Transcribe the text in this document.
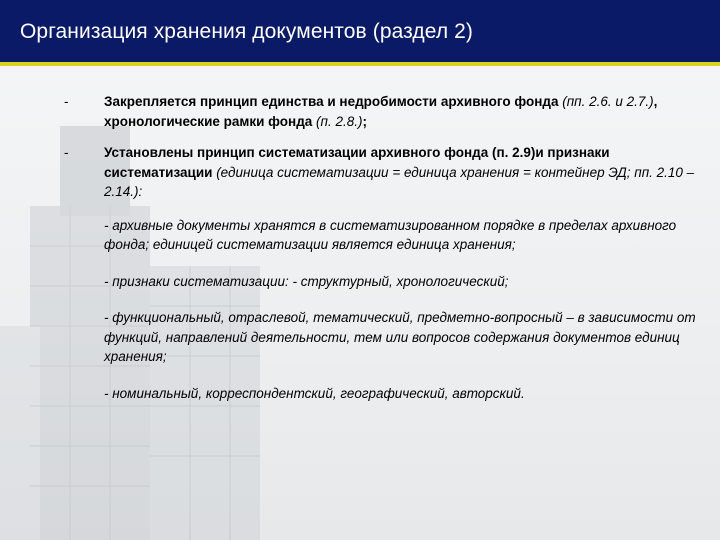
Организация хранения документов (раздел 2)
-	Закрепляется принцип единства и недробимости архивного фонда (пп. 2.6. и 2.7.), хронологические рамки фонда (п. 2.8.);
-	Установлены принцип систематизации архивного фонда (п. 2.9)и признаки систематизации (единица систематизации = единица хранения = контейнер ЭД; пп. 2.10 – 2.14.):
- архивные документы хранятся в систематизированном порядке в пределах архивного фонда; единицей систематизации является единица хранения;
- признаки систематизации: - структурный, хронологический;
- функциональный, отраслевой, тематический, предметно-вопросный – в зависимости от функций, направлений деятельности, тем или вопросов содержания документов единиц хранения;
- номинальный, корреспондентский, географический, авторский.
